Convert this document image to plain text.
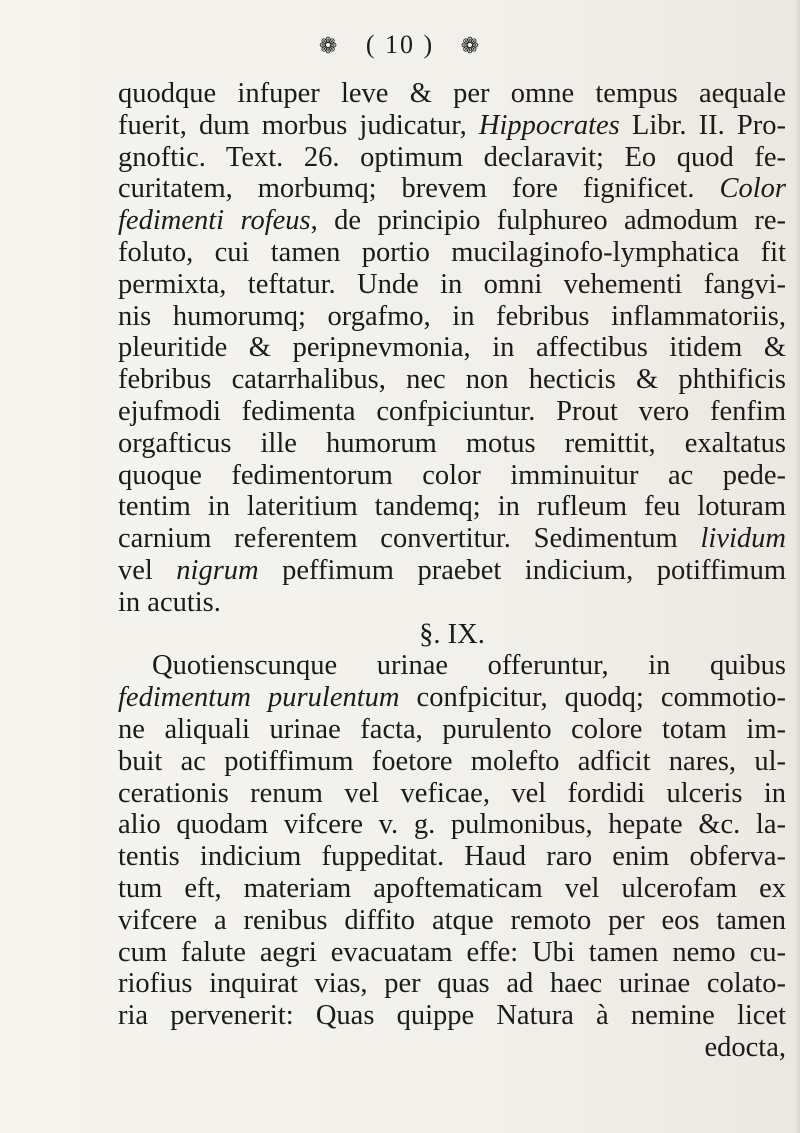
❁ ( 10 ) ❁
quodque infuper leve & per omne tempus aequale
fuerit, dum morbus judicatur, Hippocrates Libr. II. Pro-
gnoftic. Text. 26. optimum declaravit; Eo quod fe-
curitatem, morbumq; brevem fore fignificet. Color
fedimenti rofeus, de principio fulphureo admodum re-
foluto, cui tamen portio mucilaginofo-lymphatica fit
permixta, teftatur. Unde in omni vehementi fangvi-
nis humorumq; orgafmo, in febribus inflammatoriis,
pleuritide & peripnevmonia, in affectibus itidem &
febribus catarrhalibus, nec non hecticis & phthificis
ejufmodi fedimenta confpiciuntur. Prout vero fenfim
orgafticus ille humorum motus remittit, exaltatus
quoque fedimentorum color imminuitur ac pede-
tentim in lateritium tandemq; in rufleum feu loturam
carnium referentem convertitur. Sedimentum lividum
vel nigrum peffimum praebet indicium, potiffimum
in acutis.
§. IX.
Quotienscunque urinae offeruntur, in quibus
fedimentum purulentum confpicitur, quodq; commotio-
ne aliquali urinae facta, purulento colore totam im-
buit ac potiffimum foetore molefto adficit nares, ul-
cerationis renum vel veficae, vel fordidi ulceris in
alio quodam vifcere v. g. pulmonibus, hepate &c. la-
tentis indicium fuppeditat. Haud raro enim obferva-
tum eft, materiam apoftematicam vel ulcerofam ex
vifcere a renibus diffito atque remoto per eos tamen
cum falute aegri evacuatam effe: Ubi tamen nemo cu-
riofius inquirat vias, per quas ad haec urinae colato-
ria pervenerit: Quas quippe Natura à nemine licet
edocta,
